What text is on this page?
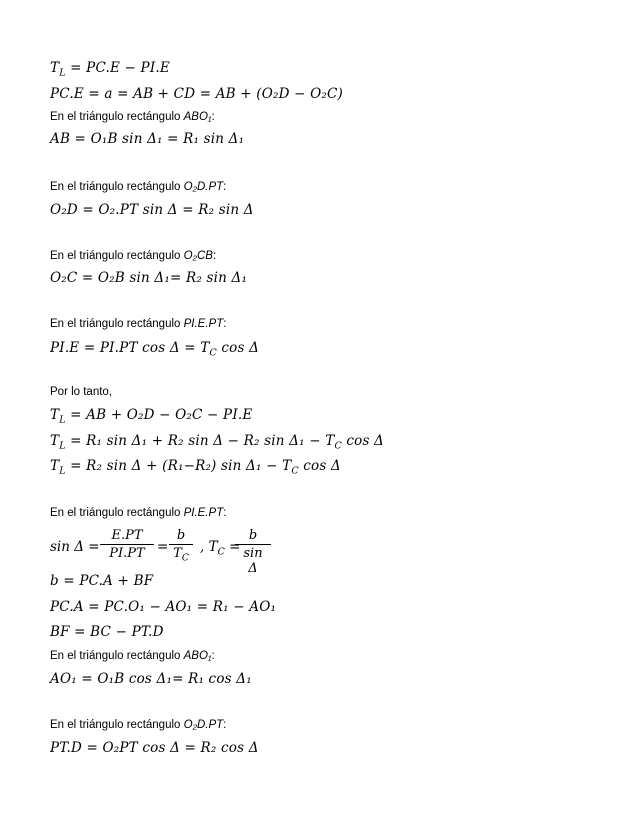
$T_L = PC.E - PI.E$
PC.E = a = AB + CD = AB + (O₂D − O₂C)
En el triángulo rectángulo ABO₁:
AB = O₁B sin Δ₁ = R₁ sin Δ₁
En el triángulo rectángulo O₂D.PT:
O₂D = O₂.PT sin Δ = R₂ sin Δ
En el triángulo rectángulo O₂CB:
O₂C = O₂B sin Δ₁= R₂ sin Δ₁
En el triángulo rectángulo PI.E.PT:
PI.E = PI.PT $\cos \Delta = T_C$ cos Δ
Por lo tanto,
$T_L$ = AB + O₂D − O₂C − PI.E
$T_L = R_1$ sin Δ₁ + R₂ sin Δ − R₂ $\sin \Delta_1 - T_C$ cos Δ
$T_L = R_2$ sin Δ + (R₁−R₂) $\sin \Delta_1 - T_C$ cos Δ
En el triángulo rectángulo PI.E.PT:
sin Δ =
E.PT
PI.PT =
b
$T_C$
, $T_C$ =
b
sin Δ
b = PC.A + BF
PC.A = PC.O₁ − AO₁ = R₁ − AO₁
BF = BC − PT.D
En el triángulo rectángulo ABO₁:
AO₁ = O₁B cos Δ₁= R₁ cos Δ₁
En el triángulo rectángulo O₂D.PT:
PT.D = O₂PT cos Δ = R₂ cos Δ
